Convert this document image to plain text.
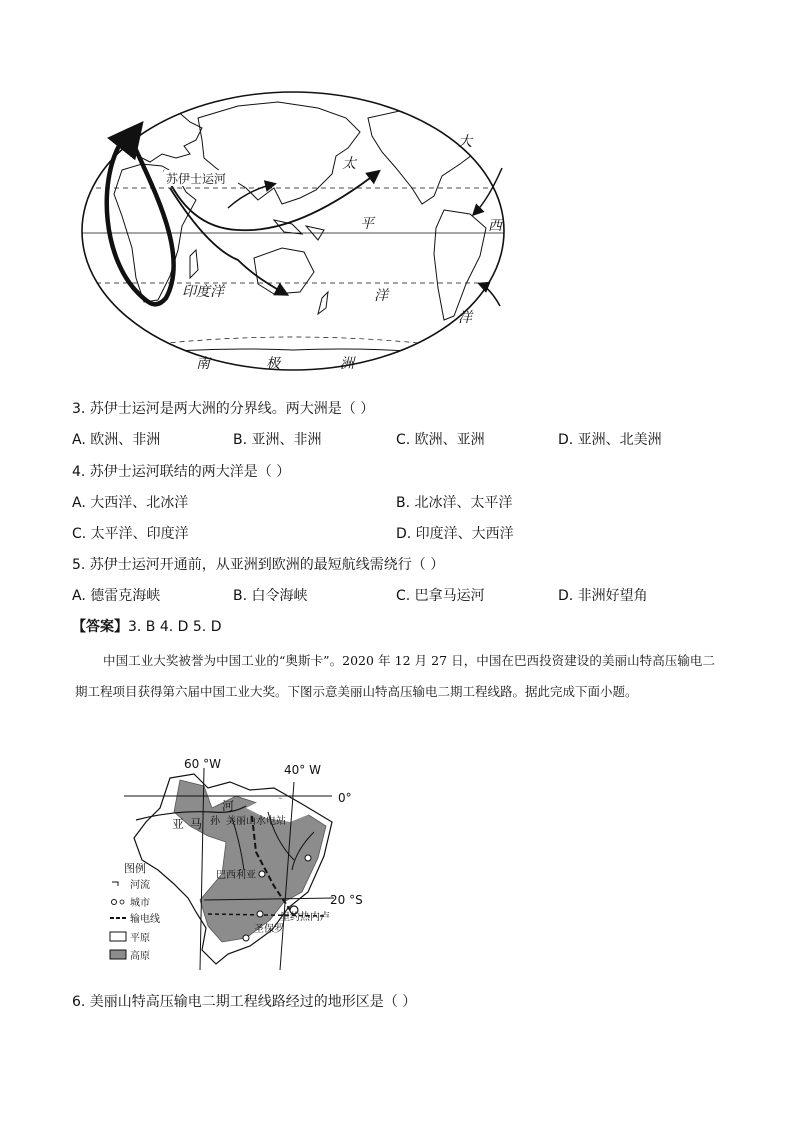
苏伊士运河
太
平
洋
大
西
洋
印度洋
南	极	洲
3. 苏伊士运河是两大洲的分界线。两大洲是（ ）
A. 欧洲、非洲	B. 亚洲、非洲	C. 欧洲、亚洲	D. 亚洲、北美洲
4. 苏伊士运河联结的两大洋是（ ）
A. 大西洋、北冰洋	B. 北冰洋、太平洋
C. 太平洋、印度洋	D. 印度洋、大西洋
5. 苏伊士运河开通前，从亚洲到欧洲的最短航线需绕行（ ）
A. 德雷克海峡	B. 白令海峡	C. 巴拿马运河	D. 非洲好望角
【答案】3. B 4. D 5. D
中国工业大奖被誉为中国工业的“奥斯卡”。2020 年 12 月 27 日，中国在巴西投资建设的美丽山特高压输电二期工程项目获得第六届中国工业大奖。下图示意美丽山特高压输电二期工程线路。据此完成下面小题。
60 °W	40° W
0°
20 °S
亚 马 孙
河
美丽山水电站
巴西利亚
里约热内卢
圣保罗
图例
河流
城市
输电线
平原
高原
6. 美丽山特高压输电二期工程线路经过的地形区是（ ）
